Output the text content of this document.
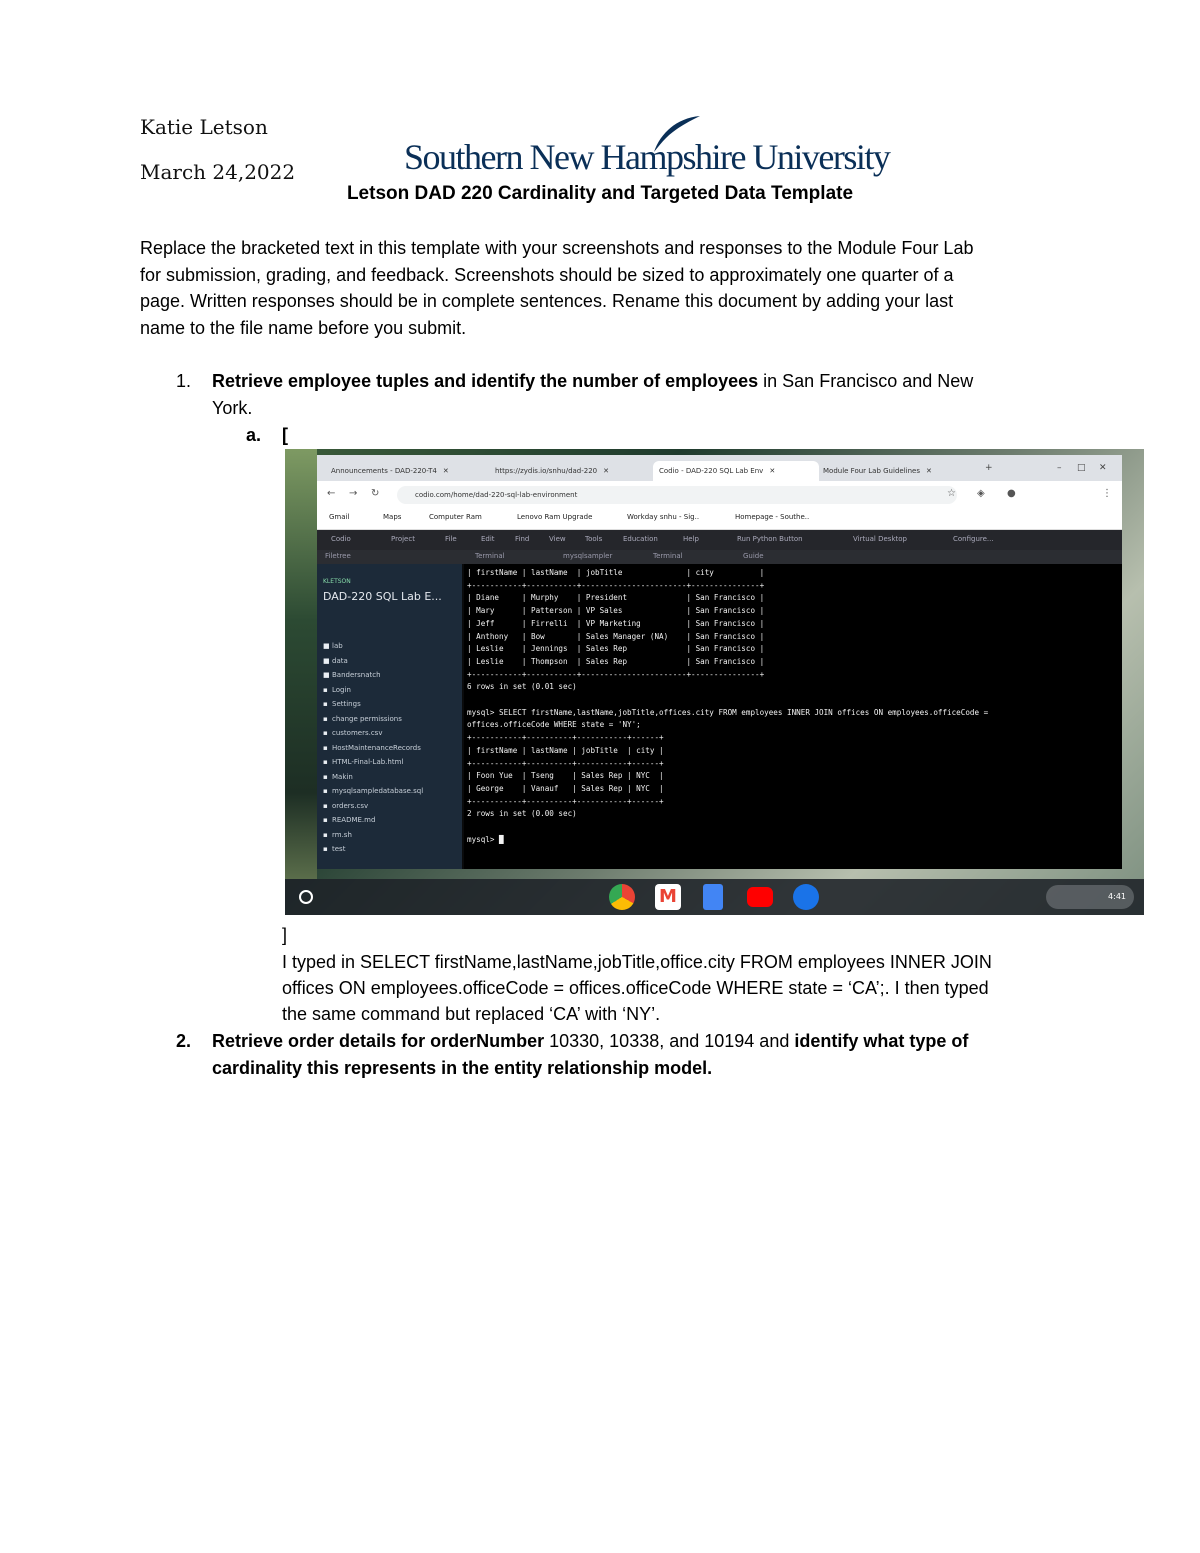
Katie Letson
March 24,2022	Southern New Hampshire University
Letson DAD 220 Cardinality and Targeted Data Template
Replace the bracketed text in this template with your screenshots and responses to the Module Four Lab
for submission, grading, and feedback. Screenshots should be sized to approximately one quarter of a
page. Written responses should be in complete sentences. Rename this document by adding your last
name to the file name before you submit.
1. Retrieve employee tuples and identify the number of employees in San Francisco and New
York.
a. [
Announcements - DAD-220-T4 ✕	https://zydis.io/snhu/dad-220 ✕	Codio - DAD-220 SQL Lab Env ✕	Module Four Lab Guidelines ✕	+	– □ ✕
← → ↻	codio.com/home/dad-220-sql-lab-environment	☆ ◈ ●	⋮
Gmail	Maps	Computer Ram	Lenovo Ram Upgrade	Workday snhu - Sig..	Homepage - Southe..
Codio	Project	File	Edit	Find	View	Tools	Education	Help	Run Python Button	Virtual Desktop	Configure...
Filetree	Terminal	mysqlsampler	Terminal	Guide
KLETSON
DAD-220 SQL Lab E...
■ lab
■ data
■ Bandersnatch
▪ Login
▪ Settings
▪ change permissions
▪ customers.csv
▪ HostMaintenanceRecords
▪ HTML-Final-Lab.html
▪ Makin
▪ mysqlsampledatabase.sql
▪ orders.csv
▪ README.md
▪ rm.sh
▪ test
| firstName | lastName  | jobTitle              | city          |
+-----------+-----------+-----------------------+---------------+
| Diane     | Murphy    | President             | San Francisco |
| Mary      | Patterson | VP Sales              | San Francisco |
| Jeff      | Firrelli  | VP Marketing          | San Francisco |
| Anthony   | Bow       | Sales Manager (NA)    | San Francisco |
| Leslie    | Jennings  | Sales Rep             | San Francisco |
| Leslie    | Thompson  | Sales Rep             | San Francisco |
+-----------+-----------+-----------------------+---------------+
6 rows in set (0.01 sec)

mysql> SELECT firstName,lastName,jobTitle,offices.city FROM employees INNER JOIN offices ON employees.officeCode =
offices.officeCode WHERE state = 'NY';
+-----------+----------+-----------+------+
| firstName | lastName | jobTitle  | city |
+-----------+----------+-----------+------+
| Foon Yue  | Tseng    | Sales Rep | NYC  |
| George    | Vanauf   | Sales Rep | NYC  |
+-----------+----------+-----------+------+
2 rows in set (0.00 sec)

mysql> █
M	4:41
]
I typed in SELECT firstName,lastName,jobTitle,office.city FROM employees INNER JOIN
offices ON employees.officeCode = offices.officeCode WHERE state = ‘CA’;. I then typed
the same command but replaced ‘CA’ with ‘NY’.
2. Retrieve order details for orderNumber 10330, 10338, and 10194 and identify what type of
cardinality this represents in the entity relationship model.
